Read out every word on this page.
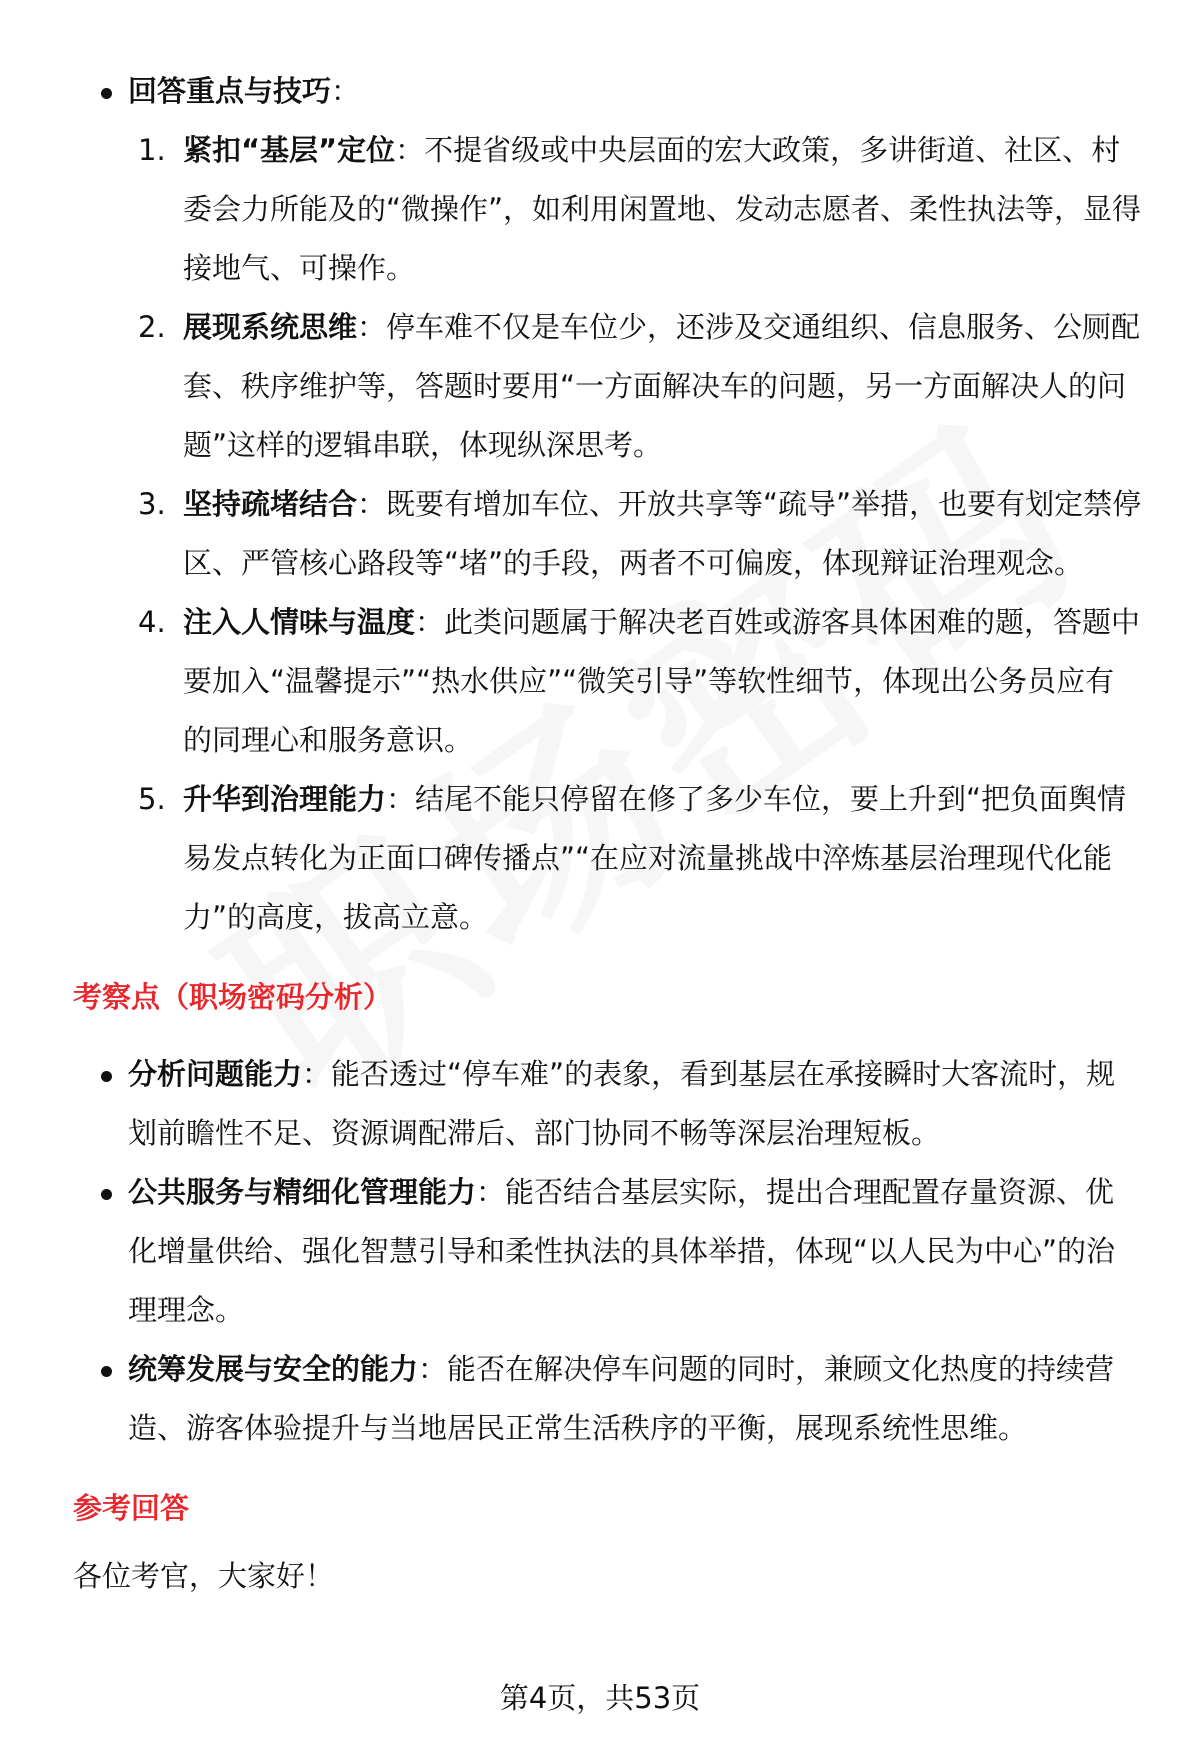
回答重点与技巧：
1. 紧扣“基层”定位：不提省级或中央层面的宏大政策，多讲街道、社区、村委会力所能及的“微操作”，如利用闲置地、发动志愿者、柔性执法等，显得接地气、可操作。
2. 展现系统思维：停车难不仅是车位少，还涉及交通组织、信息服务、公厕配套、秩序维护等，答题时要用“一方面解决车的问题，另一方面解决人的问题”这样的逻辑串联，体现纵深思考。
3. 坚持疏堵结合：既要有增加车位、开放共享等“疏导”举措，也要有划定禁停区、严管核心路段等“堵”的手段，两者不可偏废，体现辩证治理观念。
4. 注入人情味与温度：此类问题属于解决老百姓或游客具体困难的题，答题中要加入“温馨提示”“热水供应”“微笑引导”等软性细节，体现出公务员应有的同理心和服务意识。
5. 升华到治理能力：结尾不能只停留在修了多少车位，要上升到“把负面舆情易发点转化为正面口碑传播点”“在应对流量挑战中淬炼基层治理现代化能力”的高度，拔高立意。
考察点（职场密码分析）
分析问题能力：能否透过“停车难”的表象，看到基层在承接瞬时大客流时，规划前瞻性不足、资源调配滞后、部门协同不畅等深层治理短板。
公共服务与精细化管理能力：能否结合基层实际，提出合理配置存量资源、优化增量供给、强化智慧引导和柔性执法的具体举措，体现“以人民为中心”的治理理念。
统筹发展与安全的能力：能否在解决停车问题的同时，兼顾文化热度的持续营造、游客体验提升与当地居民正常生活秩序的平衡，展现系统性思维。
参考回答
各位考官，大家好！
第4页，共53页
